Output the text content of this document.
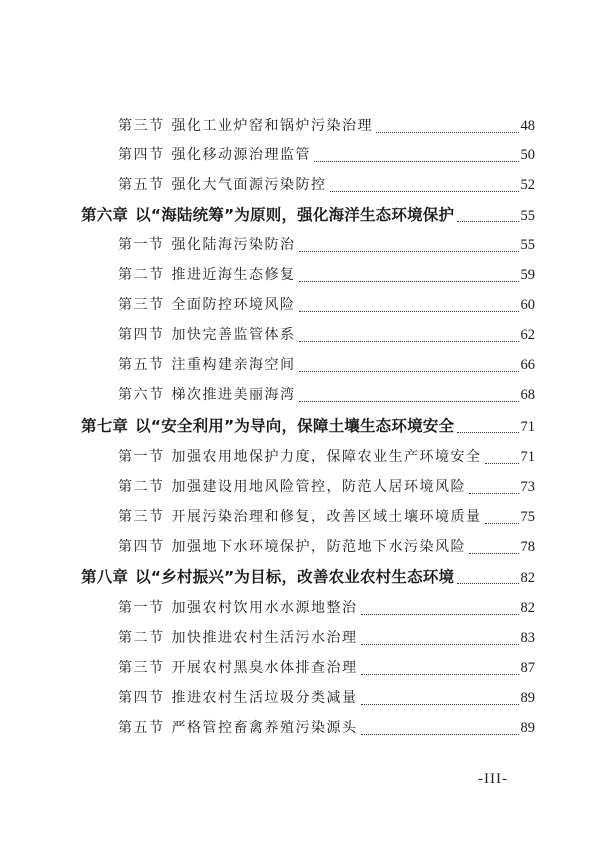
第三节 强化工业炉窑和锅炉污染治理	48
第四节 强化移动源治理监管	50
第五节 强化大气面源污染防控	52
第六章 以“海陆统筹”为原则，强化海洋生态环境保护	55
第一节 强化陆海污染防治	55
第二节 推进近海生态修复	59
第三节 全面防控环境风险	60
第四节 加快完善监管体系	62
第五节 注重构建亲海空间	66
第六节 梯次推进美丽海湾	68
第七章 以“安全利用”为导向，保障土壤生态环境安全	71
第一节 加强农用地保护力度，保障农业生产环境安全	71
第二节 加强建设用地风险管控，防范人居环境风险	73
第三节 开展污染治理和修复，改善区域土壤环境质量	75
第四节 加强地下水环境保护，防范地下水污染风险	78
第八章 以“乡村振兴”为目标，改善农业农村生态环境	82
第一节 加强农村饮用水水源地整治	82
第二节 加快推进农村生活污水治理	83
第三节 开展农村黑臭水体排查治理	87
第四节 推进农村生活垃圾分类减量	89
第五节 严格管控畜禽养殖污染源头	89
-III-
